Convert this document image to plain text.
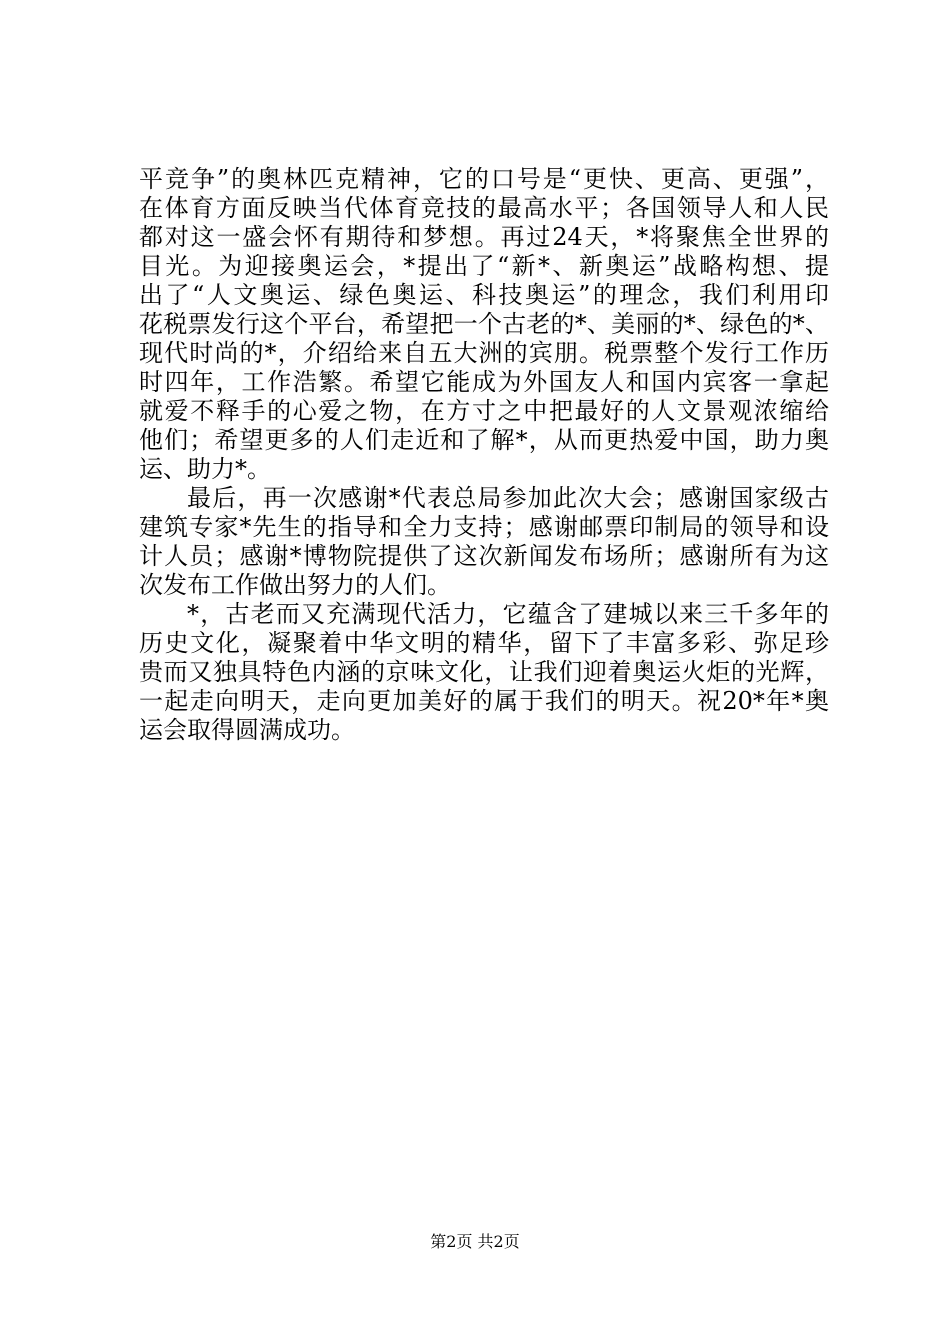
平竞争”的奥林匹克精神，它的口号是“更快、更高、更强”，
在体育方面反映当代体育竞技的最高水平；各国领导人和人民
都对这一盛会怀有期待和梦想。再过24天，*将聚焦全世界的
目光。为迎接奥运会，*提出了“新*、新奥运”战略构想、提
出了“人文奥运、绿色奥运、科技奥运”的理念，我们利用印
花税票发行这个平台，希望把一个古老的*、美丽的*、绿色的*、
现代时尚的*，介绍给来自五大洲的宾朋。税票整个发行工作历
时四年，工作浩繁。希望它能成为外国友人和国内宾客一拿起
就爱不释手的心爱之物，在方寸之中把最好的人文景观浓缩给
他们；希望更多的人们走近和了解*，从而更热爱中国，助力奥
运、助力*。
最后，再一次感谢*代表总局参加此次大会；感谢国家级古
建筑专家*先生的指导和全力支持；感谢邮票印制局的领导和设
计人员；感谢*博物院提供了这次新闻发布场所；感谢所有为这
次发布工作做出努力的人们。
*，古老而又充满现代活力，它蕴含了建城以来三千多年的
历史文化，凝聚着中华文明的精华，留下了丰富多彩、弥足珍
贵而又独具特色内涵的京味文化，让我们迎着奥运火炬的光辉，
一起走向明天，走向更加美好的属于我们的明天。祝20*年*奥
运会取得圆满成功。
第2页 共2页
